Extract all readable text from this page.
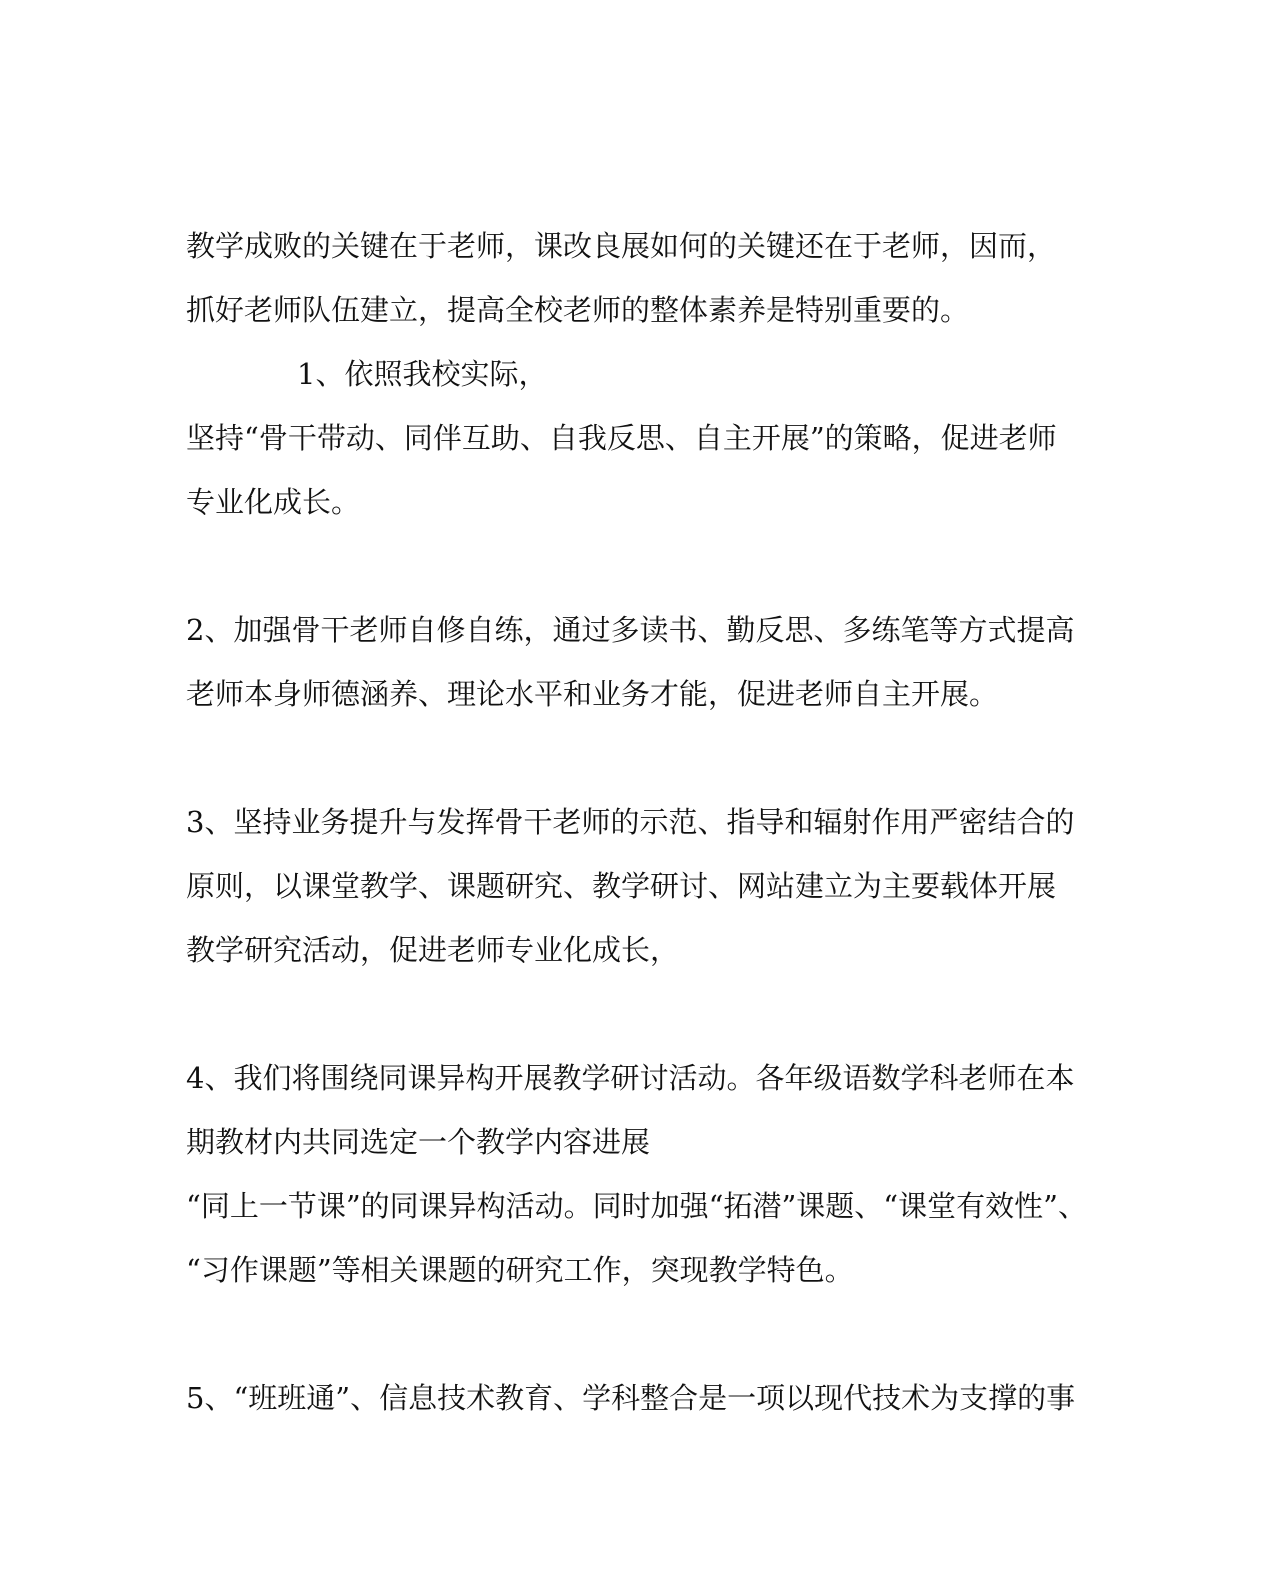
教学成败的关键在于老师，课改良展如何的关键还在于老师，因而，
抓好老师队伍建立，提高全校老师的整体素养是特别重要的。
1、依照我校实际，
坚持“骨干带动、同伴互助、自我反思、自主开展”的策略，促进老师
专业化成长。
2、加强骨干老师自修自练，通过多读书、勤反思、多练笔等方式提高
老师本身师德涵养、理论水平和业务才能，促进老师自主开展。
3、坚持业务提升与发挥骨干老师的示范、指导和辐射作用严密结合的
原则，以课堂教学、课题研究、教学研讨、网站建立为主要载体开展
教学研究活动，促进老师专业化成长，
4、我们将围绕同课异构开展教学研讨活动。各年级语数学科老师在本
期教材内共同选定一个教学内容进展
“同上一节课”的同课异构活动。同时加强“拓潜”课题、“课堂有效性”、
“习作课题”等相关课题的研究工作，突现教学特色。
5、“班班通”、信息技术教育、学科整合是一项以现代技术为支撑的事
